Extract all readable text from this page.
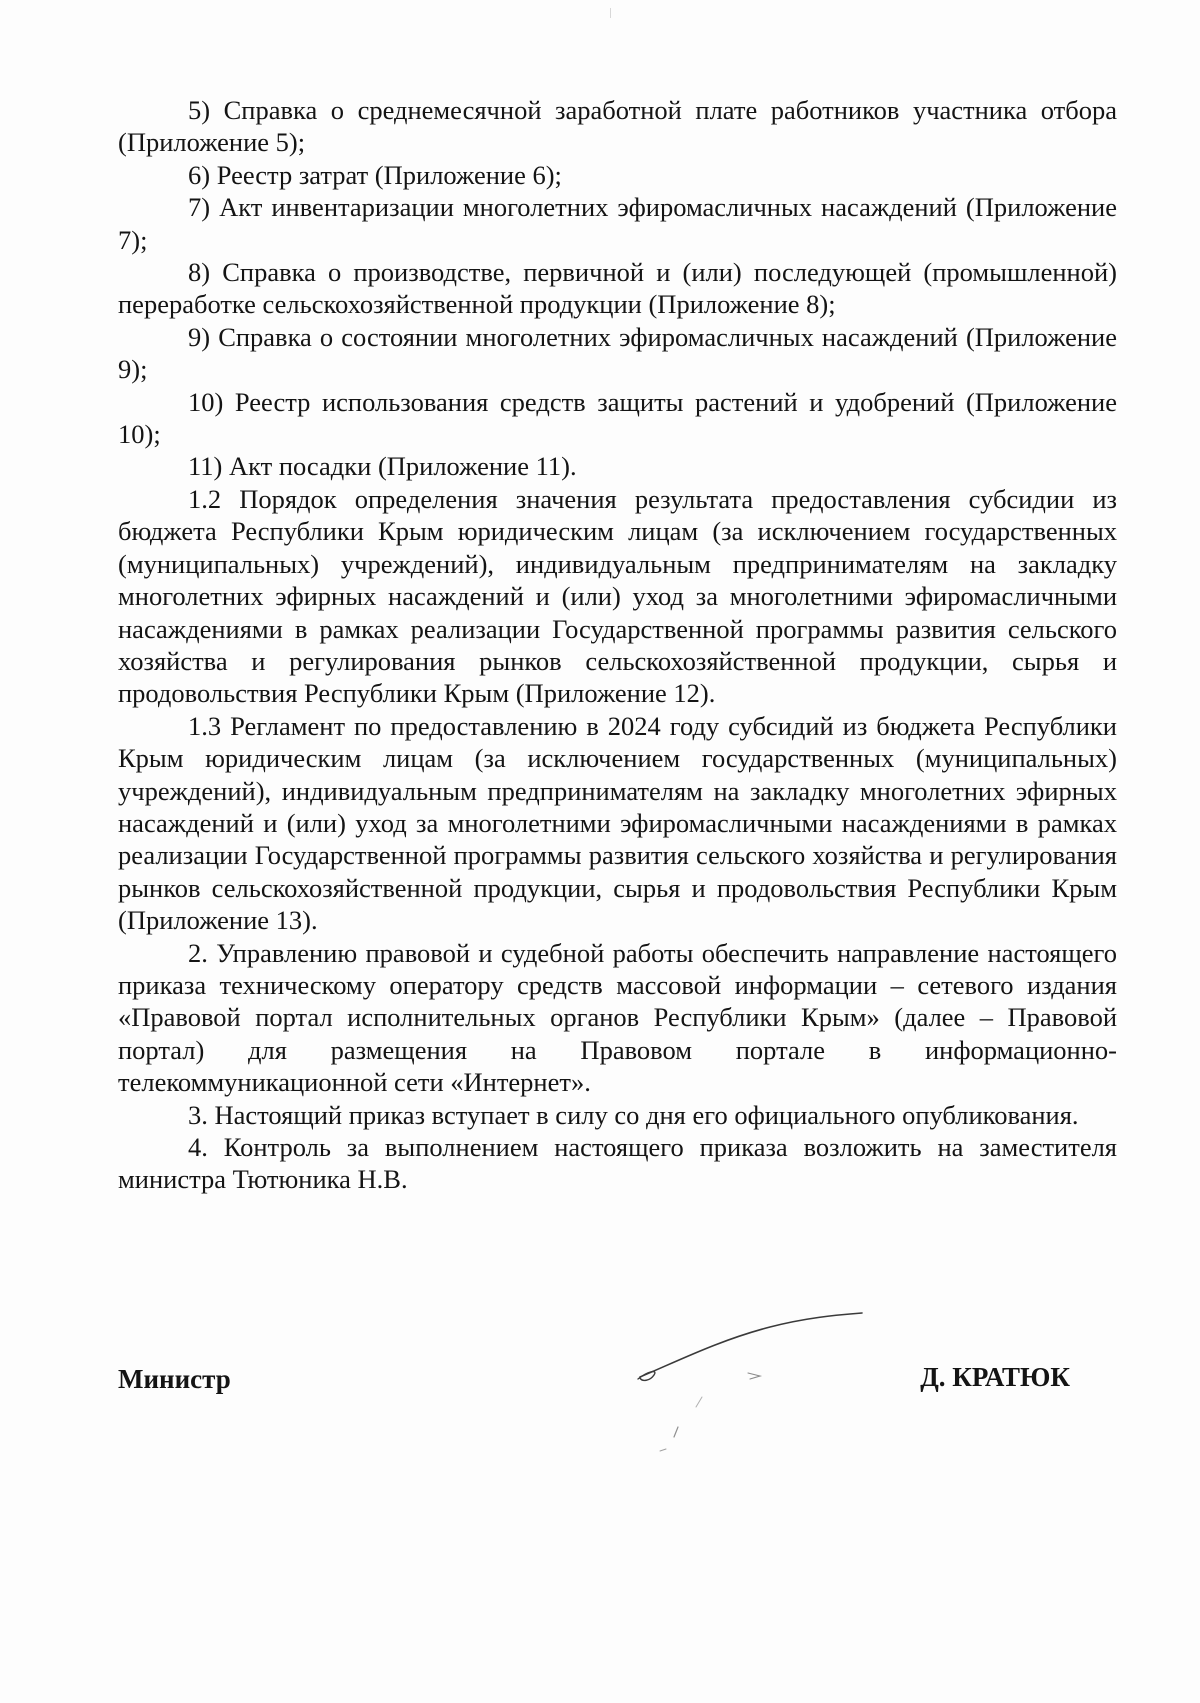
5) Справка о среднемесячной заработной плате работников участника отбора (Приложение 5);

6) Реестр затрат (Приложение 6);

7) Акт инвентаризации многолетних эфиромасличных насаждений (Приложение 7);

8) Справка о производстве, первичной и (или) последующей (промышленной) переработке сельскохозяйственной продукции (Приложение 8);

9) Справка о состоянии многолетних эфиромасличных насаждений (Приложение 9);

10) Реестр использования средств защиты растений и удобрений (Приложение 10);

11) Акт посадки (Приложение 11).

1.2 Порядок определения значения результата предоставления субсидии из бюджета Республики Крым юридическим лицам (за исключением государственных (муниципальных) учреждений), индивидуальным предпринимателям на закладку многолетних эфирных насаждений и (или) уход за многолетними эфиромасличными насаждениями в рамках реализации Государственной программы развития сельского хозяйства и регулирования рынков сельскохозяйственной продукции, сырья и продовольствия Республики Крым (Приложение 12).

1.3 Регламент по предоставлению в 2024 году субсидий из бюджета Республики Крым юридическим лицам (за исключением государственных (муниципальных) учреждений), индивидуальным предпринимателям на закладку многолетних эфирных насаждений и (или) уход за многолетними эфиромасличными насаждениями в рамках реализации Государственной программы развития сельского хозяйства и регулирования рынков сельскохозяйственной продукции, сырья и продовольствия Республики Крым (Приложение 13).

2. Управлению правовой и судебной работы обеспечить направление настоящего приказа техническому оператору средств массовой информации – сетевого издания «Правовой портал исполнительных органов Республики Крым» (далее – Правовой портал) для размещения на Правовом портале в информационно-телекоммуникационной сети «Интернет».

3. Настоящий приказ вступает в силу со дня его официального опубликования.

4. Контроль за выполнением настоящего приказа возложить на заместителя министра Тютюника Н.В.

Министр	Д. КРАТЮК
